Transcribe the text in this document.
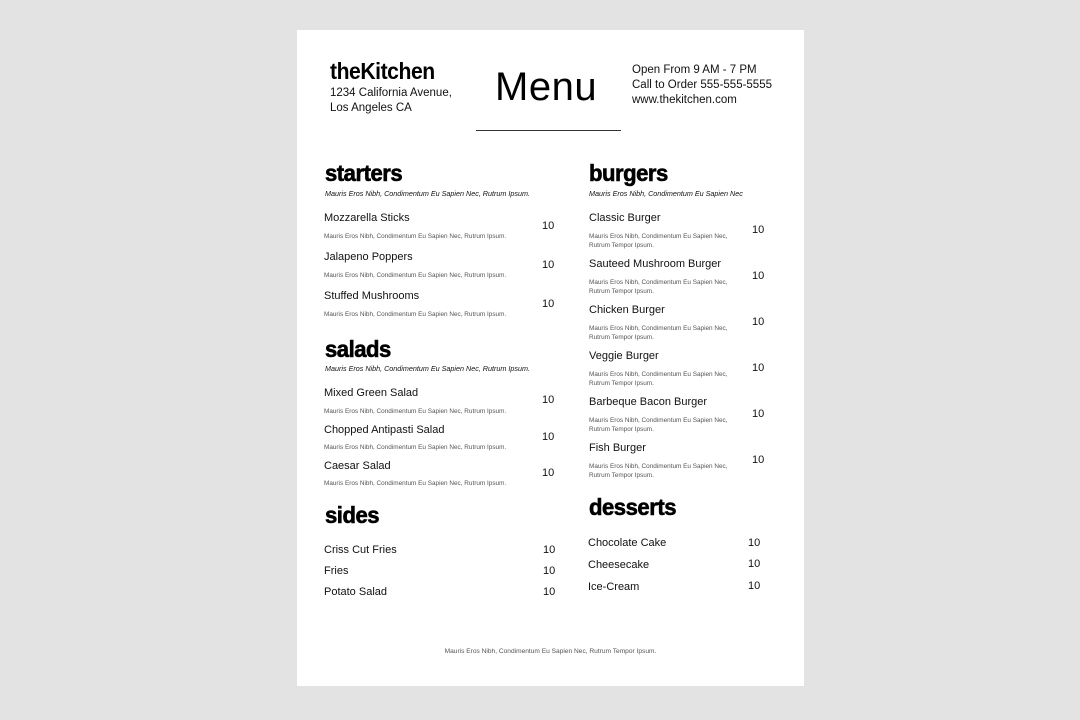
theKitchen
1234 California Avenue,
Los Angeles CA	Menu	Open From 9 AM - 7 PM
Call to Order 555-555-5555
www.thekitchen.com
starters
Mauris Eros Nibh, Condimentum Eu Sapien Nec, Rutrum Ipsum.
Mozzarella Sticks
Mauris Eros Nibh, Condimentum Eu Sapien Nec, Rutrum Ipsum.
10
Jalapeno Poppers
Mauris Eros Nibh, Condimentum Eu Sapien Nec, Rutrum Ipsum.
10
Stuffed Mushrooms
Mauris Eros Nibh, Condimentum Eu Sapien Nec, Rutrum Ipsum.
10
salads
Mauris Eros Nibh, Condimentum Eu Sapien Nec, Rutrum Ipsum.
Mixed Green Salad
Mauris Eros Nibh, Condimentum Eu Sapien Nec, Rutrum Ipsum.
10
Chopped Antipasti Salad
Mauris Eros Nibh, Condimentum Eu Sapien Nec, Rutrum Ipsum.
10
Caesar Salad
Mauris Eros Nibh, Condimentum Eu Sapien Nec, Rutrum Ipsum.
10
sides
Criss Cut Fries	10
Fries	10
Potato Salad	10
burgers
Mauris Eros Nibh, Condimentum Eu Sapien Nec
Classic Burger
Mauris Eros Nibh, Condimentum Eu Sapien Nec,
Rutrum Tempor Ipsum.
10
Sauteed Mushroom Burger
Mauris Eros Nibh, Condimentum Eu Sapien Nec,
Rutrum Tempor Ipsum.
10
Chicken Burger
Mauris Eros Nibh, Condimentum Eu Sapien Nec,
Rutrum Tempor Ipsum.
10
Veggie Burger
Mauris Eros Nibh, Condimentum Eu Sapien Nec,
Rutrum Tempor Ipsum.
10
Barbeque Bacon Burger
Mauris Eros Nibh, Condimentum Eu Sapien Nec,
Rutrum Tempor Ipsum.
10
Fish Burger
Mauris Eros Nibh, Condimentum Eu Sapien Nec,
Rutrum Tempor Ipsum.
10
desserts
Chocolate Cake	10
Cheesecake	10
Ice-Cream	10
Mauris Eros Nibh, Condimentum Eu Sapien Nec, Rutrum Tempor Ipsum.
